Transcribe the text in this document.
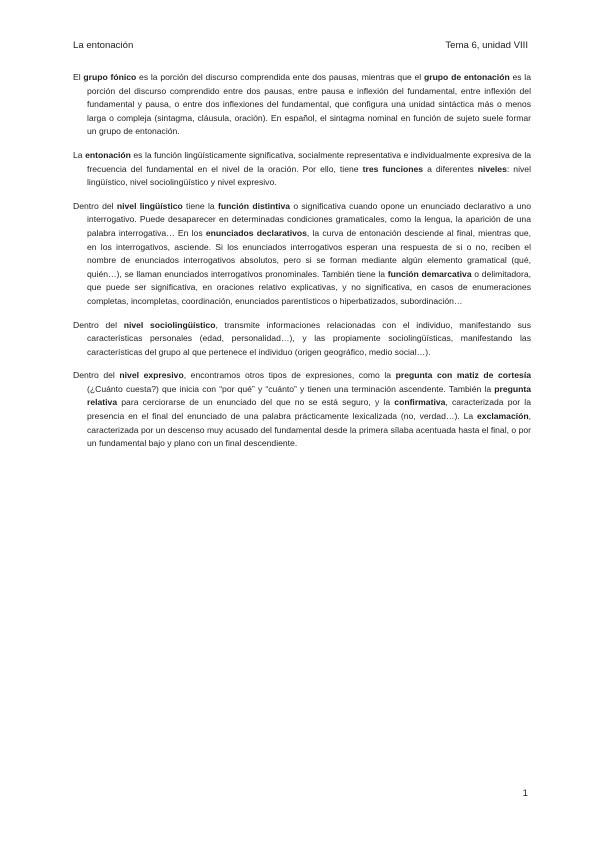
La entonación	Tema 6, unidad VIII

El grupo fónico es la porción del discurso comprendida ente dos pausas, mientras que el grupo de entonación es la porción del discurso comprendido entre dos pausas, entre pausa e inflexión del fundamental, entre inflexión del fundamental y pausa, o entre dos inflexiones del fundamental, que configura una unidad sintáctica más o menos larga o compleja (sintagma, cláusula, oración). En español, el sintagma nominal en función de sujeto suele formar un grupo de entonación.

La entonación es la función lingüísticamente significativa, socialmente representativa e individualmente expresiva de la frecuencia del fundamental en el nivel de la oración. Por ello, tiene tres funciones a diferentes niveles: nivel lingüístico, nivel sociolingüístico y nivel expresivo.

Dentro del nivel lingüístico tiene la función distintiva o significativa cuando opone un enunciado declarativo a uno interrogativo. Puede desaparecer en determinadas condiciones gramaticales, como la lengua, la aparición de una palabra interrogativa… En los enunciados declarativos, la curva de entonación desciende al final, mientras que, en los interrogativos, asciende. Si los enunciados interrogativos esperan una respuesta de si o no, reciben el nombre de enunciados interrogativos absolutos, pero si se forman mediante algún elemento gramatical (qué, quién…), se llaman enunciados interrogativos pronominales. También tiene la función demarcativa o delimitadora, que puede ser significativa, en oraciones relativo explicativas, y no significativa, en casos de enumeraciones completas, incompletas, coordinación, enunciados parentísticos o hiperbatizados, subordinación…

Dentro del nivel sociolingüístico, transmite informaciones relacionadas con el individuo, manifestando sus características personales (edad, personalidad…), y las propiamente sociolingüísticas, manifestando las características del grupo al que pertenece el individuo (origen geográfico, medio social…).

Dentro del nivel expresivo, encontramos otros tipos de expresiones, como la pregunta con matiz de cortesía (¿Cuánto cuesta?) que inicia con “por qué” y “cuánto” y tienen una terminación ascendente. También la pregunta relativa para cerciorarse de un enunciado del que no se está seguro, y la confirmativa, caracterizada por la presencia en el final del enunciado de una palabra prácticamente lexicalizada (no, verdad…). La exclamación, caracterizada por un descenso muy acusado del fundamental desde la primera sílaba acentuada hasta el final, o por un fundamental bajo y plano con un final descendiente.

1
